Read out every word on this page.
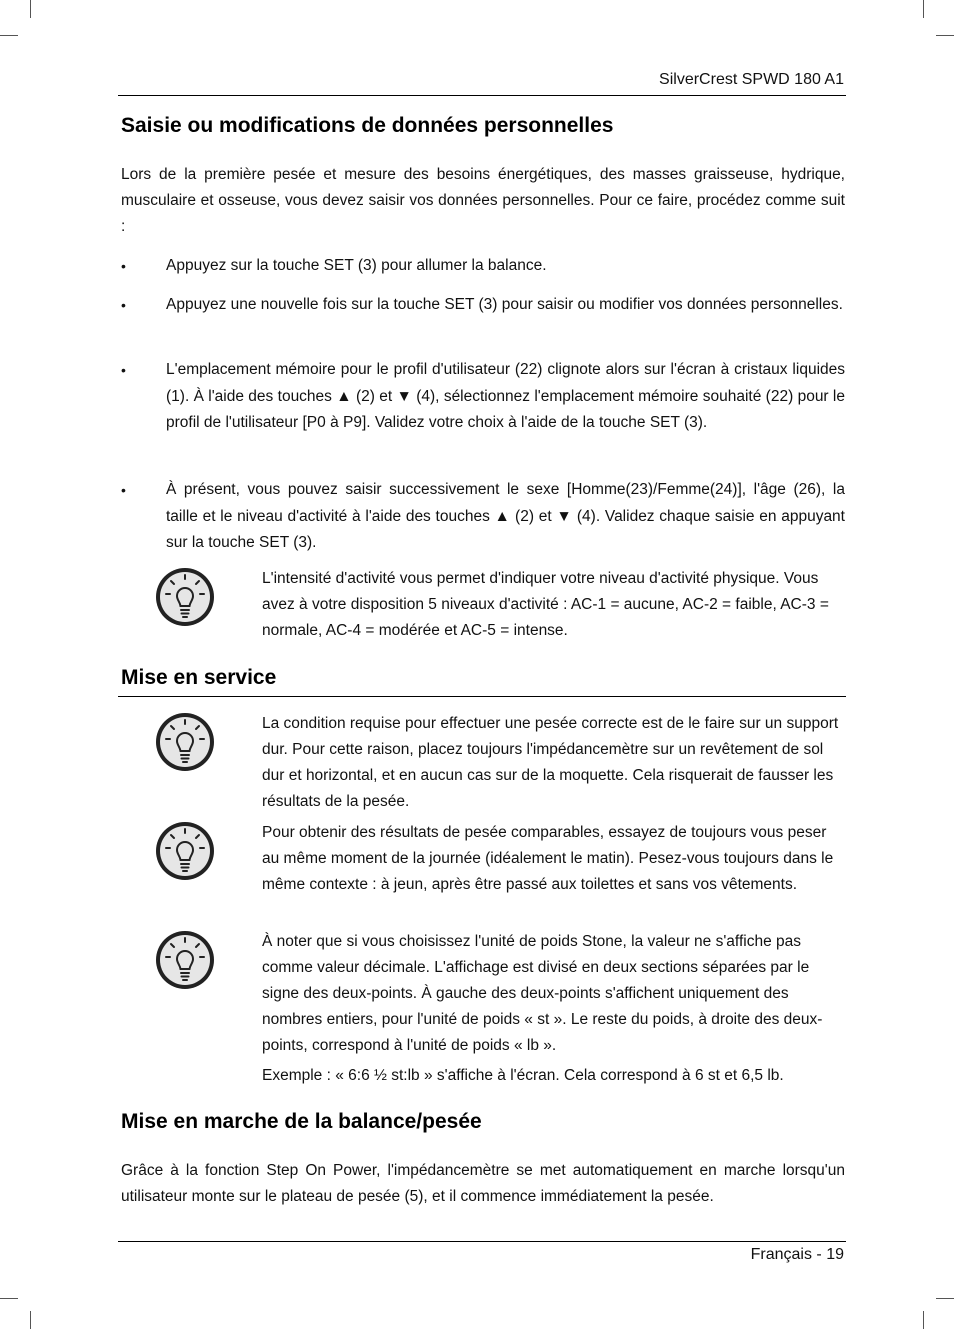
SilverCrest SPWD 180 A1
Saisie ou modifications de données personnelles

Lors de la première pesée et mesure des besoins énergétiques, des masses graisseuse, hydrique, musculaire et osseuse, vous devez saisir vos données personnelles. Pour ce faire, procédez comme suit :

•	Appuyez sur la touche SET (3) pour allumer la balance.
•	Appuyez une nouvelle fois sur la touche SET (3) pour saisir ou modifier vos données personnelles.
•	L'emplacement mémoire pour le profil d'utilisateur (22) clignote alors sur l'écran à cristaux liquides (1). À l'aide des touches ▲ (2) et ▼ (4), sélectionnez l'emplacement mémoire souhaité (22) pour le profil de l'utilisateur [P0 à P9]. Validez votre choix à l'aide de la touche SET (3).
•	À présent, vous pouvez saisir successivement le sexe [Homme(23)/Femme(24)], l'âge (26), la taille et le niveau d'activité à l'aide des touches ▲ (2) et ▼ (4). Validez chaque saisie en appuyant sur la touche SET (3).
L'intensité d'activité vous permet d'indiquer votre niveau d'activité physique. Vous avez à votre disposition 5 niveaux d'activité : AC-1 = aucune, AC-2 = faible, AC-3 = normale, AC-4 = modérée et AC-5 = intense.
Mise en service
La condition requise pour effectuer une pesée correcte est de le faire sur un support dur. Pour cette raison, placez toujours l'impédancemètre sur un revêtement de sol dur et horizontal, et en aucun cas sur de la moquette. Cela risquerait de fausser les résultats de la pesée.
Pour obtenir des résultats de pesée comparables, essayez de toujours vous peser au même moment de la journée (idéalement le matin). Pesez-vous toujours dans le même contexte : à jeun, après être passé aux toilettes et sans vos vêtements.
À noter que si vous choisissez l'unité de poids Stone, la valeur ne s'affiche pas comme valeur décimale. L'affichage est divisé en deux sections séparées par le signe des deux-points. À gauche des deux-points s'affichent uniquement des nombres entiers, pour l'unité de poids « st ». Le reste du poids, à droite des deux-points, correspond à l'unité de poids « lb ».
Exemple : « 6:6 ½ st:lb » s'affiche à l'écran. Cela correspond à 6 st et 6,5 lb.
Mise en marche de la balance/pesée

Grâce à la fonction Step On Power, l'impédancemètre se met automatiquement en marche lorsqu'un utilisateur monte sur le plateau de pesée (5), et il commence immédiatement la pesée.

Français - 19
